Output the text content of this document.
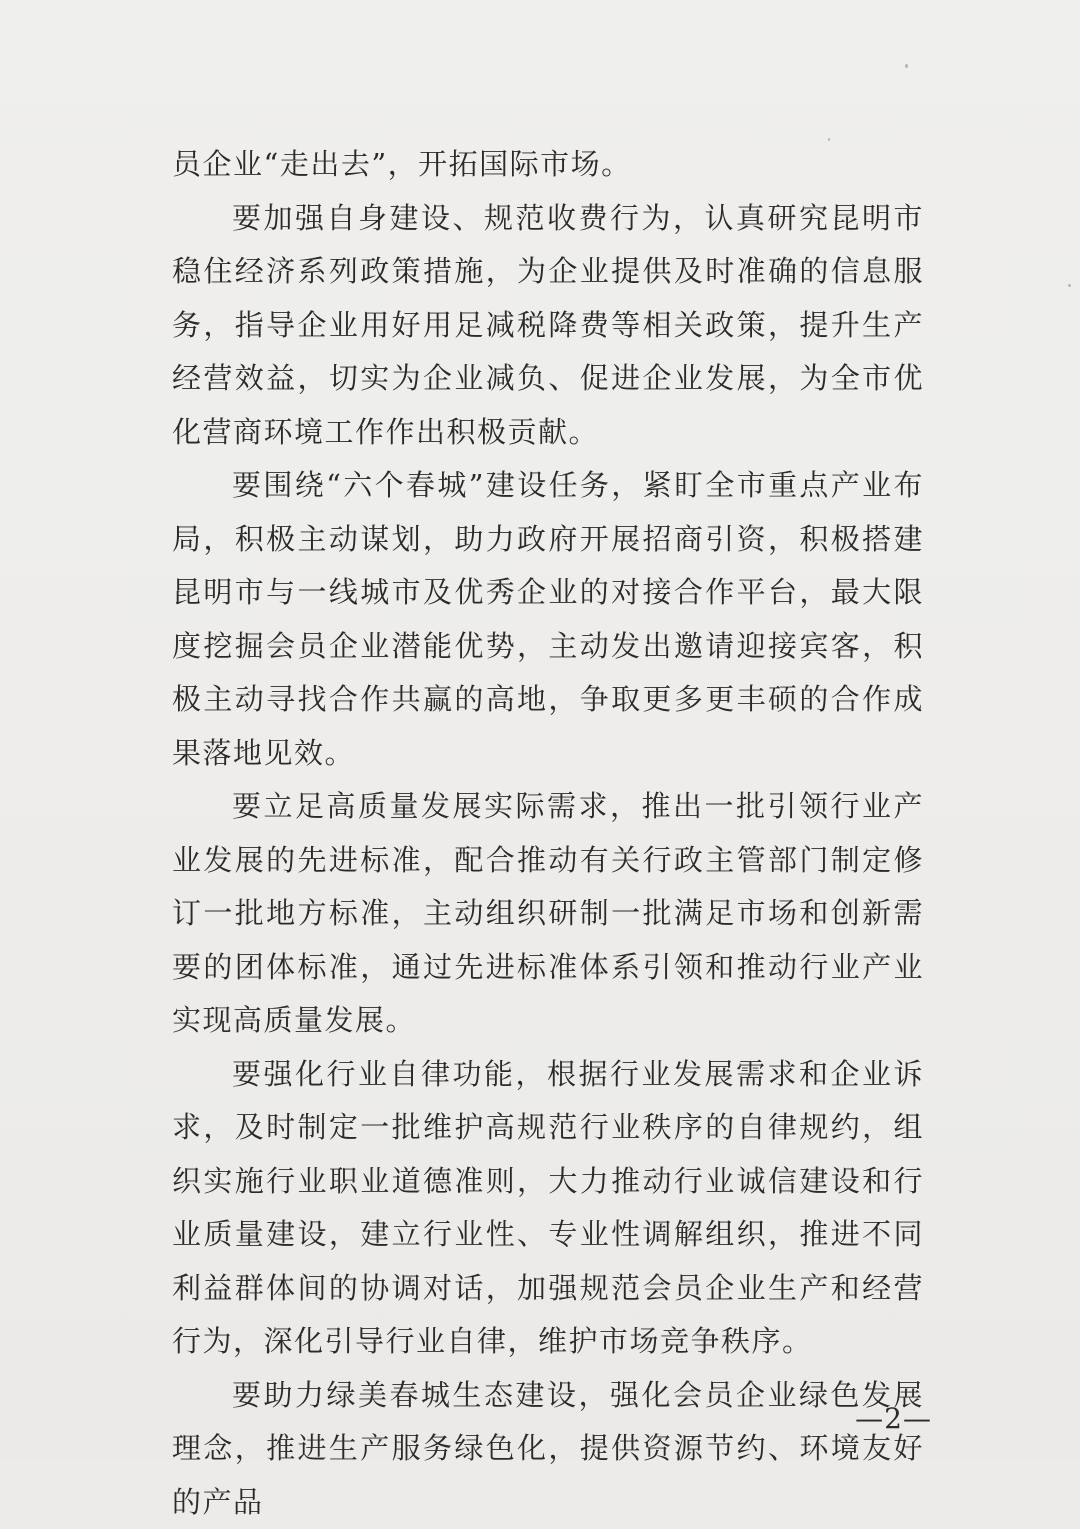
员企业“走出去”，开拓国际市场。

要加强自身建设、规范收费行为，认真研究昆明市稳住经济系列政策措施，为企业提供及时准确的信息服务，指导企业用好用足减税降费等相关政策，提升生产经营效益，切实为企业减负、促进企业发展，为全市优化营商环境工作作出积极贡献。

要围绕“六个春城”建设任务，紧盯全市重点产业布局，积极主动谋划，助力政府开展招商引资，积极搭建昆明市与一线城市及优秀企业的对接合作平台，最大限度挖掘会员企业潜能优势，主动发出邀请迎接宾客，积极主动寻找合作共赢的高地，争取更多更丰硕的合作成果落地见效。

要立足高质量发展实际需求，推出一批引领行业产业发展的先进标准，配合推动有关行政主管部门制定修订一批地方标准，主动组织研制一批满足市场和创新需要的团体标准，通过先进标准体系引领和推动行业产业实现高质量发展。

要强化行业自律功能，根据行业发展需求和企业诉求，及时制定一批维护高规范行业秩序的自律规约，组织实施行业职业道德准则，大力推动行业诚信建设和行业质量建设，建立行业性、专业性调解组织，推进不同利益群体间的协调对话，加强规范会员企业生产和经营行为，深化引导行业自律，维护市场竞争秩序。

要助力绿美春城生态建设，强化会员企业绿色发展理念，推进生产服务绿色化，提供资源节约、环境友好的产品

—2—
